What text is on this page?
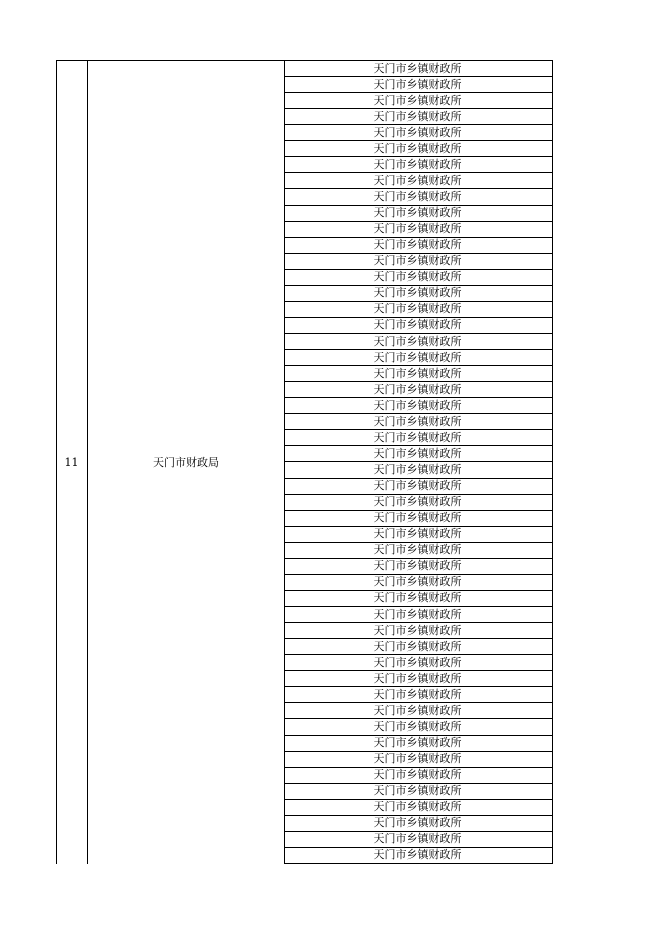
11	天门市财政局
天门市乡镇财政所
天门市乡镇财政所
天门市乡镇财政所
天门市乡镇财政所
天门市乡镇财政所
天门市乡镇财政所
天门市乡镇财政所
天门市乡镇财政所
天门市乡镇财政所
天门市乡镇财政所
天门市乡镇财政所
天门市乡镇财政所
天门市乡镇财政所
天门市乡镇财政所
天门市乡镇财政所
天门市乡镇财政所
天门市乡镇财政所
天门市乡镇财政所
天门市乡镇财政所
天门市乡镇财政所
天门市乡镇财政所
天门市乡镇财政所
天门市乡镇财政所
天门市乡镇财政所
天门市乡镇财政所
天门市乡镇财政所
天门市乡镇财政所
天门市乡镇财政所
天门市乡镇财政所
天门市乡镇财政所
天门市乡镇财政所
天门市乡镇财政所
天门市乡镇财政所
天门市乡镇财政所
天门市乡镇财政所
天门市乡镇财政所
天门市乡镇财政所
天门市乡镇财政所
天门市乡镇财政所
天门市乡镇财政所
天门市乡镇财政所
天门市乡镇财政所
天门市乡镇财政所
天门市乡镇财政所
天门市乡镇财政所
天门市乡镇财政所
天门市乡镇财政所
天门市乡镇财政所
天门市乡镇财政所
天门市乡镇财政所
